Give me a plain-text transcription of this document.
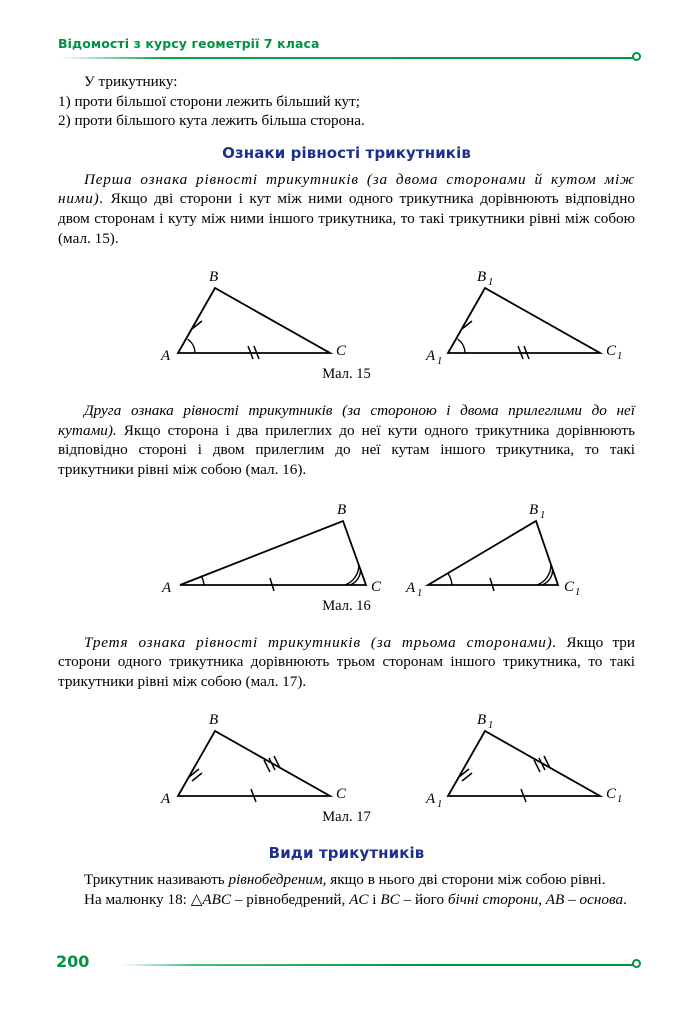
Відомості з курсу геометрії 7 класа

У трикутнику:

1) проти більшої сторони лежить більший кут;

2) проти більшого кута лежить більша сторона.

Ознаки рівності трикутників

Перша ознака рівності трикутників (за двома сторонами й кутом між ними). Якщо дві сторони і кут між ними одного трикутника дорівнюють відповідно двом сторонам і куту між ними іншого трикутника, то такі трикутники рівні між собою (мал. 15).

B
A	C
B 1
A 1
C 1
Мал. 15

Друга ознака рівності трикутників (за стороною і двома прилеглими до неї кутами). Якщо сторона і два прилеглих до неї кути одного трикутника дорівнюють відповідно стороні і двом прилеглим до неї кутам іншого трикутника, то такі трикутники рівні між собою (мал. 16).

B
A	C
B 1
A 1	C 1
Мал. 16

Третя ознака рівності трикутників (за трьома сторонами). Якщо три сторони одного трикутника дорівнюють трьом сторонам іншого трикутника, то такі трикутники рівні між собою (мал. 17).

B
A	C
B 1
A 1
C 1
Мал. 17
Види трикутників

Трикутник називають рівнобедреним, якщо в нього дві сторони між собою рівні.

На малюнку 18: △ABC – рівнобедрений, AC і BC – його бічні сторони, AB – основа.

200
